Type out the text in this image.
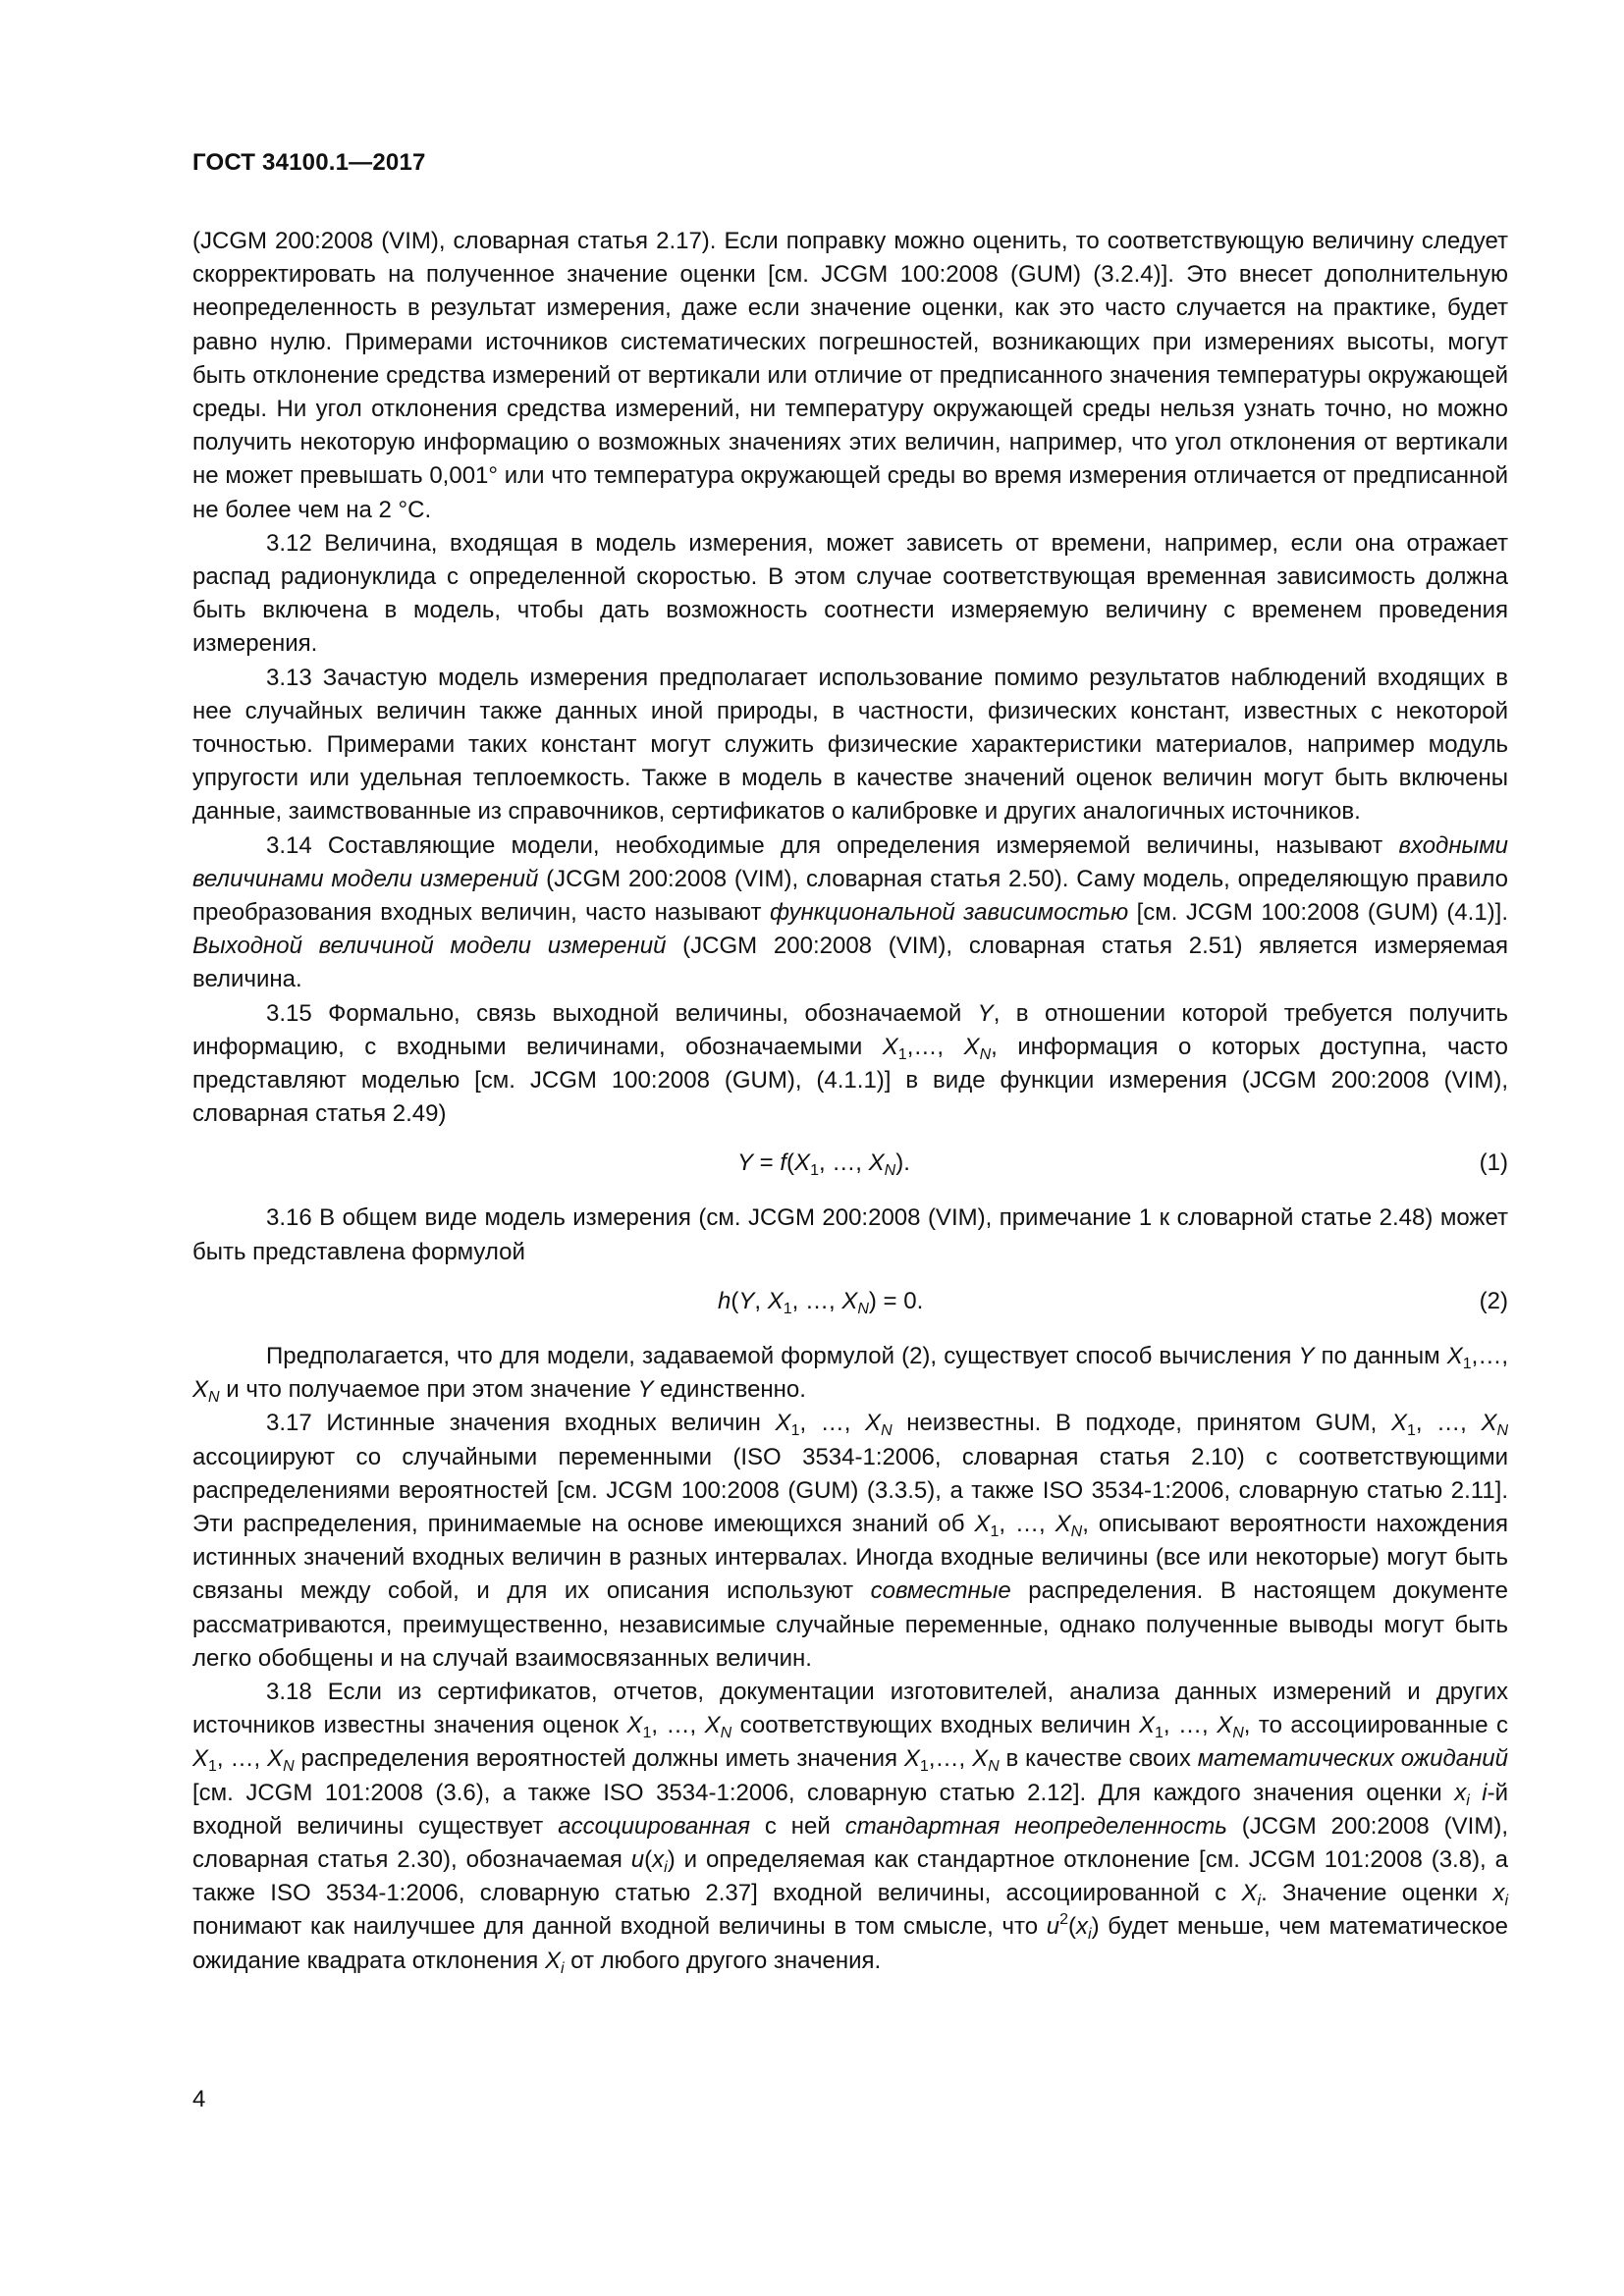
ГОСТ 34100.1—2017

(JCGM 200:2008 (VIM), словарная статья 2.17). Если поправку можно оценить, то соответствующую величину следует скорректировать на полученное значение оценки [см. JCGM 100:2008 (GUM) (3.2.4)]. Это внесет дополнительную неопределенность в результат измерения, даже если значение оценки, как это часто случается на практике, будет равно нулю. Примерами источников систематических погрешностей, возникающих при измерениях высоты, могут быть отклонение средства измерений от вертикали или отличие от предписанного значения температуры окружающей среды. Ни угол отклонения средства измерений, ни температуру окружающей среды нельзя узнать точно, но можно получить некоторую информацию о возможных значениях этих величин, например, что угол отклонения от вертикали не может превышать 0,001° или что температура окружающей среды во время измерения отличается от предписанной не более чем на 2 °С.

3.12 Величина, входящая в модель измерения, может зависеть от времени, например, если она отражает распад радионуклида с определенной скоростью. В этом случае соответствующая временная зависимость должна быть включена в модель, чтобы дать возможность соотнести измеряемую величину с временем проведения измерения.

3.13 Зачастую модель измерения предполагает использование помимо результатов наблюдений входящих в нее случайных величин также данных иной природы, в частности, физических констант, известных с некоторой точностью. Примерами таких констант могут служить физические характеристики материалов, например модуль упругости или удельная теплоемкость. Также в модель в качестве значений оценок величин могут быть включены данные, заимствованные из справочников, сертификатов о калибровке и других аналогичных источников.

3.14 Составляющие модели, необходимые для определения измеряемой величины, называют входными величинами модели измерений (JCGM 200:2008 (VIM), словарная статья 2.50). Саму модель, определяющую правило преобразования входных величин, часто называют функциональной зависимостью [см. JCGM 100:2008 (GUM) (4.1)]. Выходной величиной модели измерений (JCGM 200:2008 (VIM), словарная статья 2.51) является измеряемая величина.

3.15 Формально, связь выходной величины, обозначаемой Y, в отношении которой требуется получить информацию, с входными величинами, обозначаемыми $X_1,\dots$, $X_N$, информация о которых доступна, часто представляют моделью [см. JCGM 100:2008 (GUM), (4.1.1)] в виде функции измерения (JCGM 200:2008 (VIM), словарная статья 2.49)

$Y = f(X_1$, …, $X_N$).	(1)

3.16 В общем виде модель измерения (см. JCGM 200:2008 (VIM), примечание 1 к словарной статье 2.48) может быть представлена формулой

h(Y, $X_1$, …, $X_N) = 0$.	(2)

Предполагается, что для модели, задаваемой формулой (2), существует способ вычисления Y по данным $X_1,\dots$, $X_N$ и что получаемое при этом значение Y единственно.

3.17 Истинные значения входных величин $X_1$, …, $X_N$ неизвестны. В подходе, принятом GUM, $X_1$, …, $X_N$ ассоциируют со случайными переменными (ISO 3534-1:2006, словарная статья 2.10) с соответствующими распределениями вероятностей [см. JCGM 100:2008 (GUM) (3.3.5), а также ISO 3534-1:2006, словарную статью 2.11]. Эти распределения, принимаемые на основе имеющихся знаний об $X_1$, …, $X_N$, описывают вероятности нахождения истинных значений входных величин в разных интервалах. Иногда входные величины (все или некоторые) могут быть связаны между собой, и для их описания используют совместные распределения. В настоящем документе рассматриваются, преимущественно, независимые случайные переменные, однако полученные выводы могут быть легко обобщены и на случай взаимосвязанных величин.

3.18 Если из сертификатов, отчетов, документации изготовителей, анализа данных измерений и других источников известны значения оценок $X_1$, …, $X_N$ соответствующих входных величин $X_1$, …, $X_N$, то ассоциированные с $X_1$, …, $X_N$ распределения вероятностей должны иметь значения $X_1,\dots$, $X_N$ в качестве своих математических ожиданий [см. JCGM 101:2008 (3.6), а также ISO 3534-1:2006, словарную статью 2.12]. Для каждого значения оценки $x_i$ i-й входной величины существует ассоциированная с ней стандартная неопределенность (JCGM 200:2008 (VIM), словарная статья 2.30), обозначаемая $u(x_i)$ и определяемая как стандартное отклонение [см. JCGM 101:2008 (3.8), а также ISO 3534-1:2006, словарную статью 2.37] входной величины, ассоциированной с $X_i$. Значение оценки $x_i$ понимают как наилучшее для данной входной величины в том смысле, что $u^2(x_i)$ будет меньше, чем математическое ожидание квадрата отклонения $X_i$ от любого другого значения.

4
